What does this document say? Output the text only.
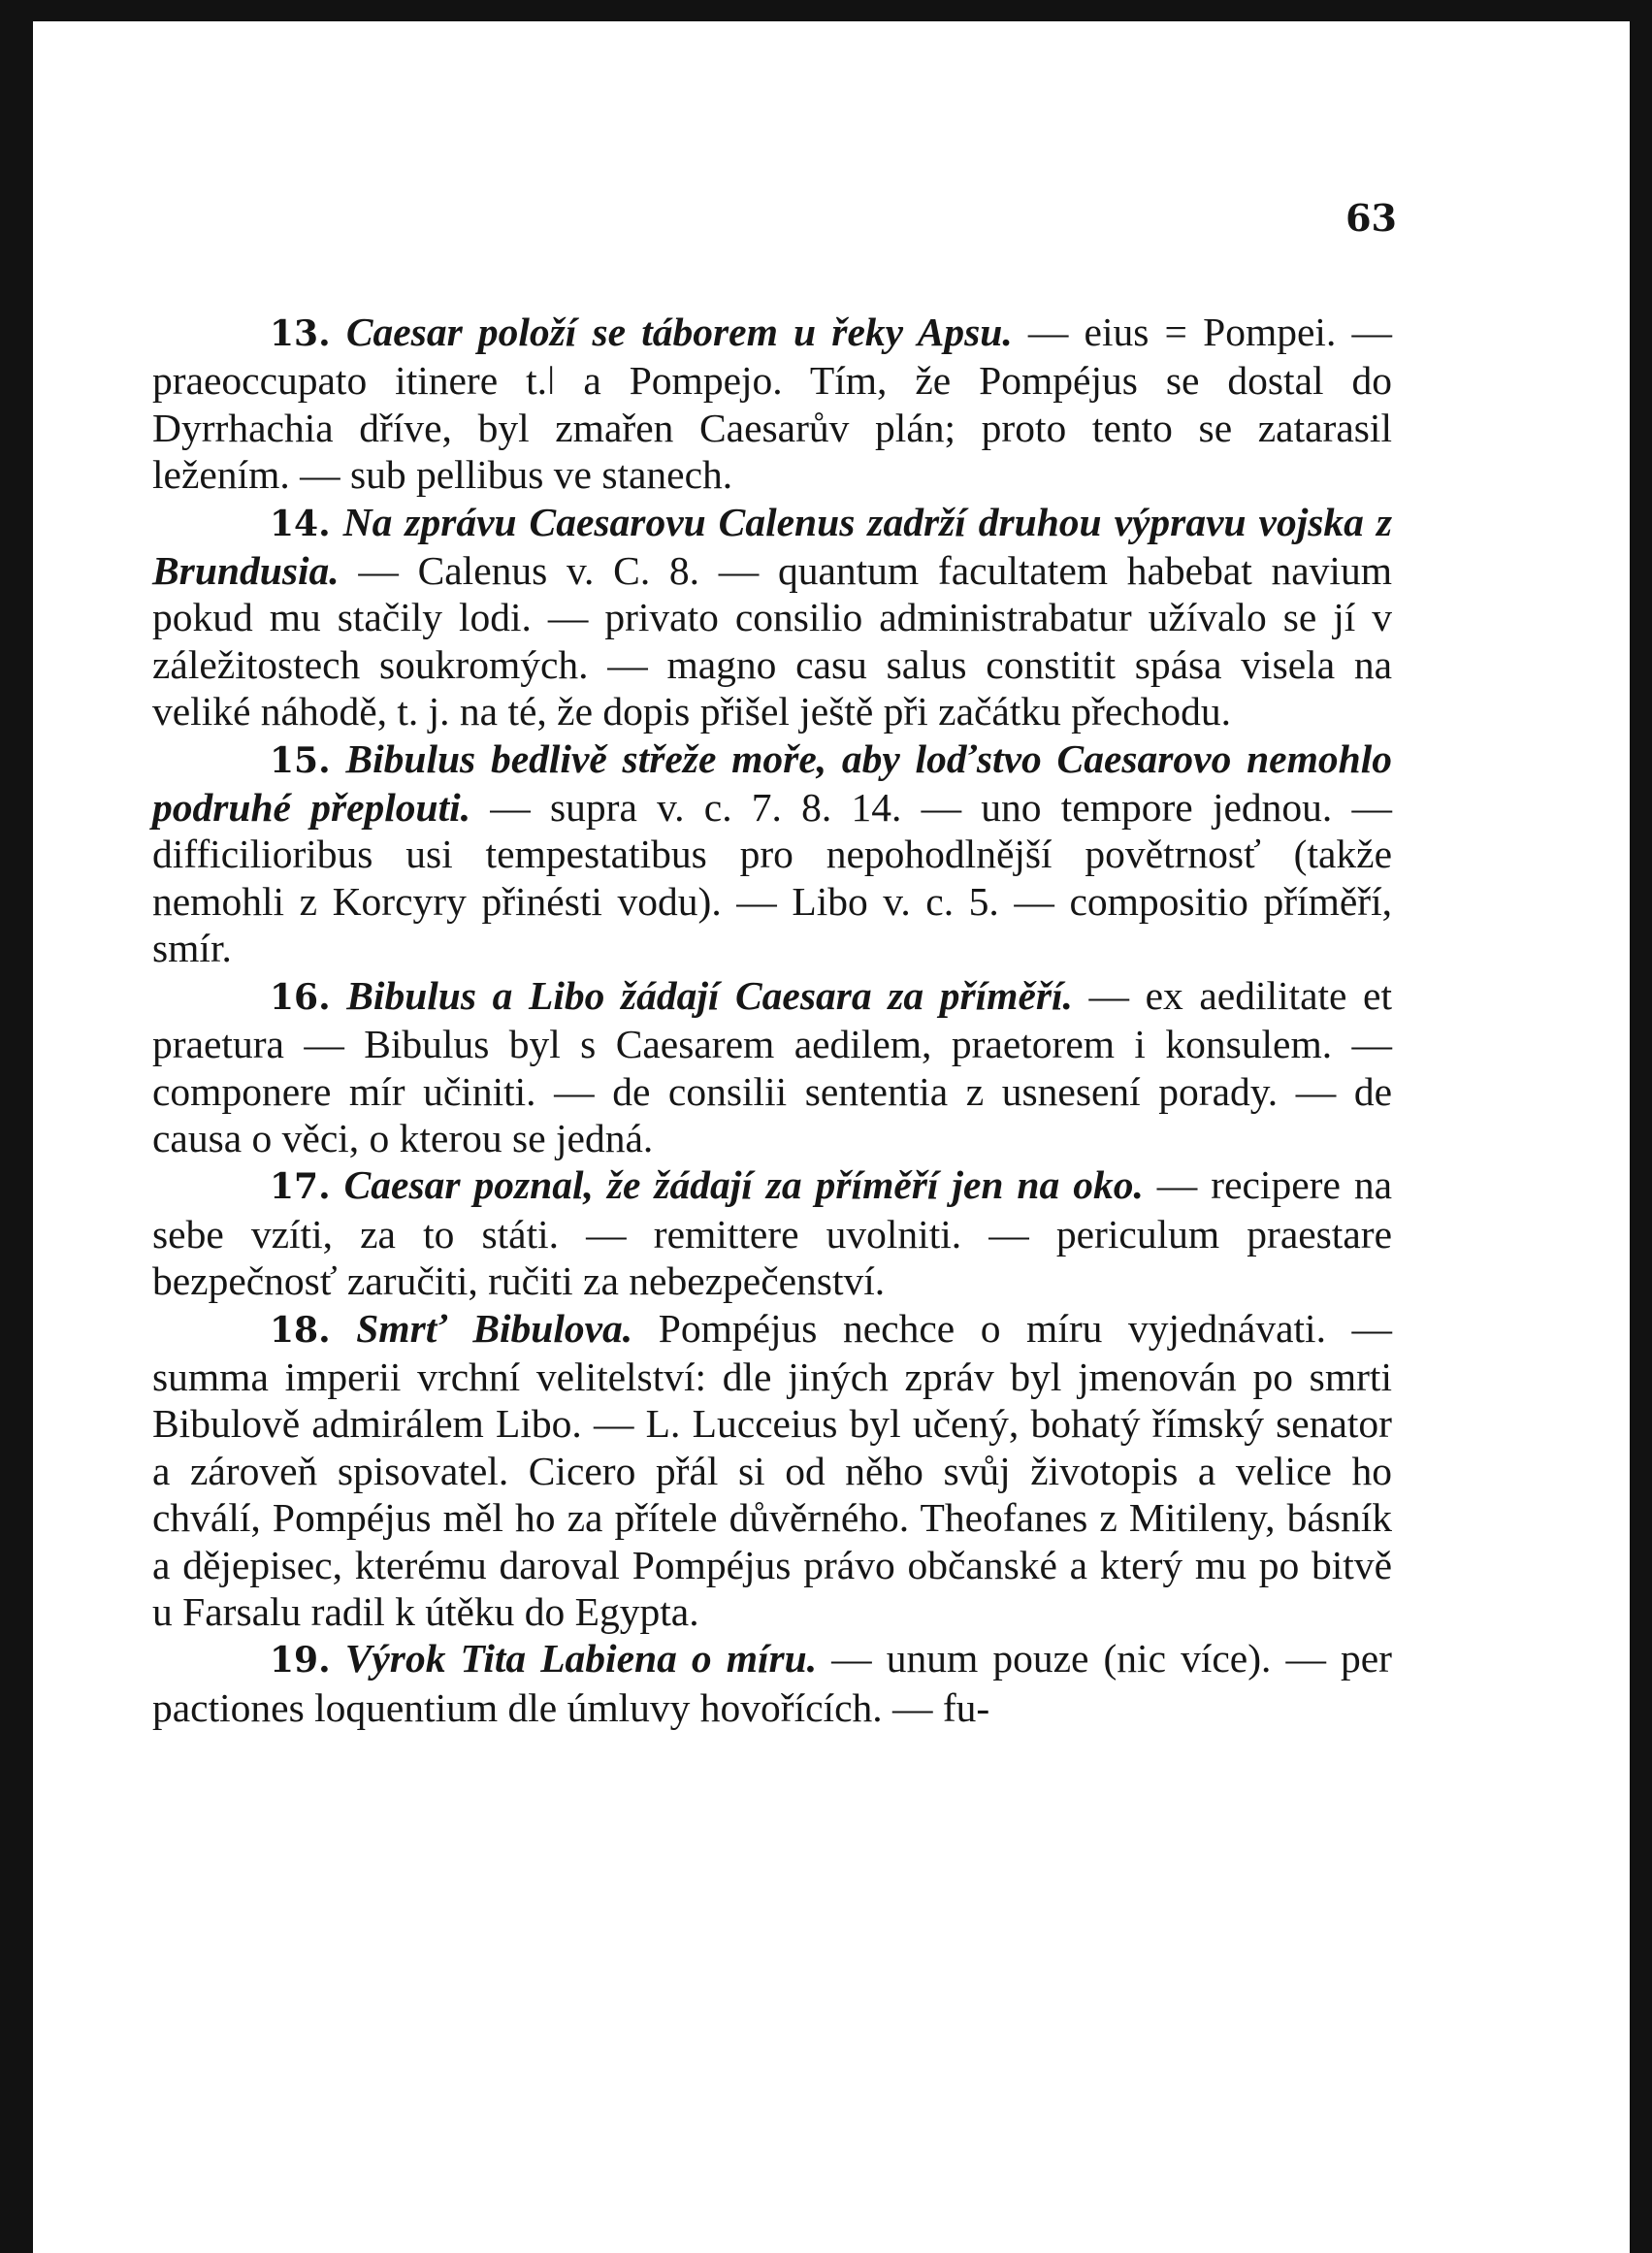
63

13. Caesar položí se táborem u řeky Apsu. — eius = Pompei. — praeoccupato itinere t.ǀ a Pompejo. Tím, že Pompéjus se dostal do Dyrrhachia dříve, byl zmařen Caesarův plán; proto tento se zatarasil ležením. — sub pellibus ve stanech.

14. Na zprávu Caesarovu Calenus zadrží druhou výpravu vojska z Brundusia. — Calenus v. C. 8. — quantum facultatem habebat navium pokud mu stačily lodi. — privato consilio administrabatur užívalo se jí v záležitostech soukromých. — magno casu salus constitit spása visela na veliké náhodě, t. j. na té, že dopis přišel ještě při začátku přechodu.

15. Bibulus bedlivě střeže moře, aby loďstvo Caesarovo nemohlo podruhé přeplouti. — supra v. c. 7. 8. 14. — uno tempore jednou. — difficilioribus usi tempestatibus pro nepohodlnější povětrnosť (takže nemohli z Korcyry přinésti vodu). — Libo v. c. 5. — compositio příměří, smír.

16. Bibulus a Libo žádají Caesara za příměří. — ex aedilitate et praetura — Bibulus byl s Caesarem aedilem, praetorem i konsulem. — componere mír učiniti. — de consilii sententia z usnesení porady. — de causa o věci, o kterou se jedná.

17. Caesar poznal, že žádají za příměří jen na oko. — recipere na sebe vzíti, za to státi. — remittere uvolniti. — periculum praestare bezpečnosť zaručiti, ručiti za nebezpečenství.

18. Smrť Bibulova. Pompéjus nechce o míru vyjednávati. — summa imperii vrchní velitelství: dle jiných zpráv byl jmenován po smrti Bibulově admirálem Libo. — L. Lucceius byl učený, bohatý římský senator a zároveň spisovatel. Cicero přál si od něho svůj životopis a velice ho chválí, Pompéjus měl ho za přítele důvěrného. Theofanes z Mitileny, básník a dějepisec, kterému daroval Pompéjus právo občanské a který mu po bitvě u Farsalu radil k útěku do Egypta.

19. Výrok Tita Labiena o míru. — unum pouze (nic více). — per pactiones loquentium dle úmluvy hovořících. — fu-
